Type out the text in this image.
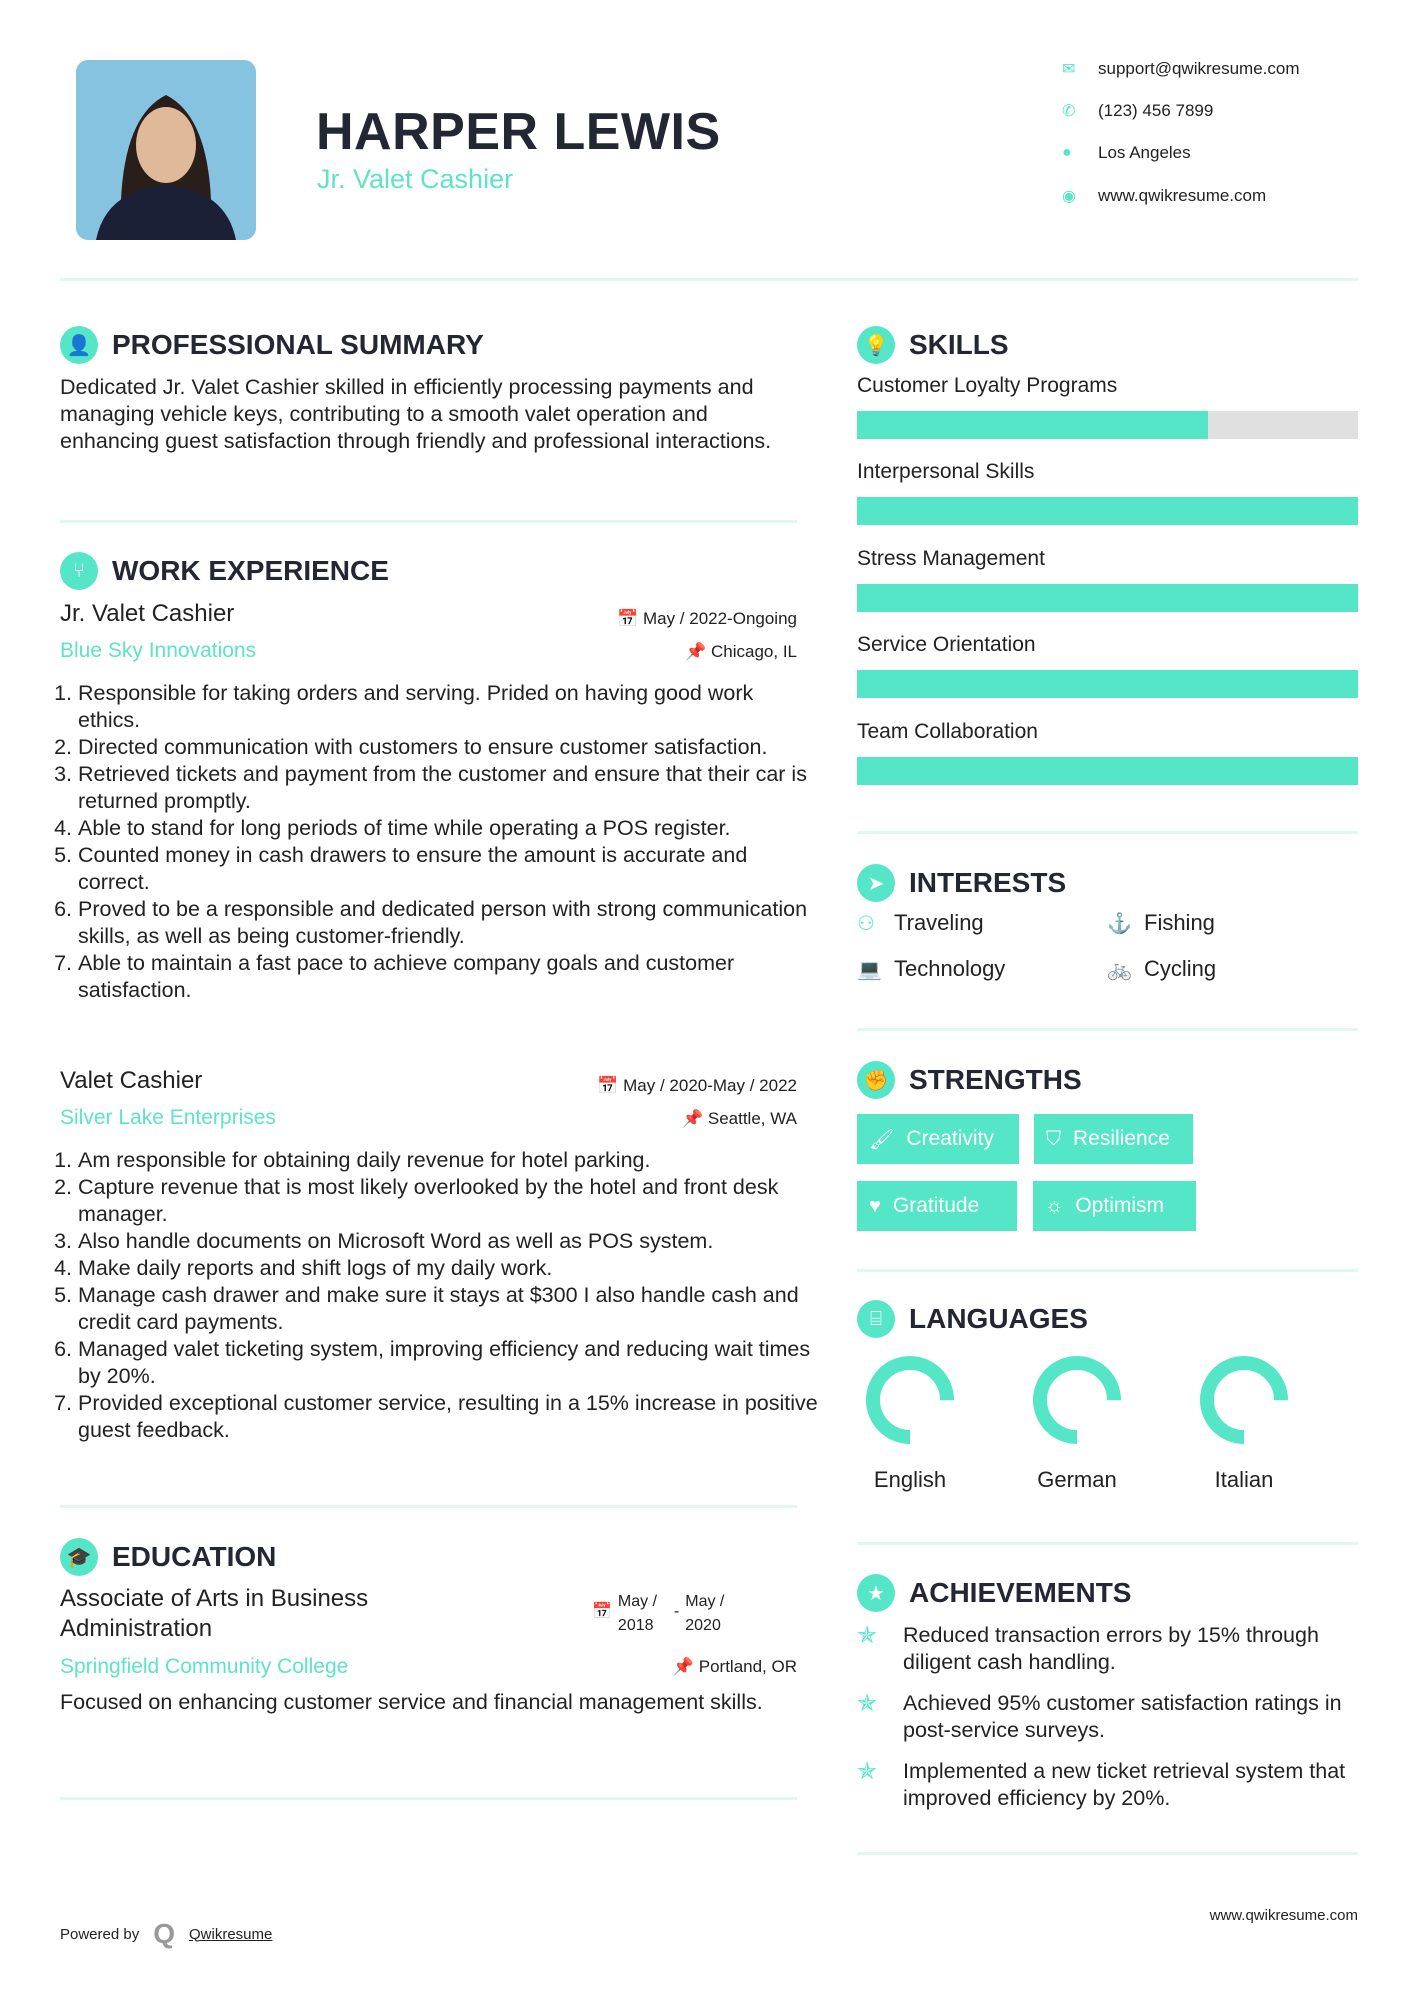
HARPER LEWIS
Jr. Valet Cashier
✉	support@qwikresume.com
✆	(123) 456 7899
●	Los Angeles
◉	www.qwikresume.com
👤 PROFESSIONAL SUMMARY
Dedicated Jr. Valet Cashier skilled in efficiently processing payments and managing vehicle keys, contributing to a smooth valet operation and enhancing guest satisfaction through friendly and professional interactions.
⑂ WORK EXPERIENCE
Jr. Valet Cashier	📅 May / 2022-Ongoing
Blue Sky Innovations	📌 Chicago, IL
1. Responsible for taking orders and serving. Prided on having good work ethics.
2. Directed communication with customers to ensure customer satisfaction.
3. Retrieved tickets and payment from the customer and ensure that their car is returned promptly.
4. Able to stand for long periods of time while operating a POS register.
5. Counted money in cash drawers to ensure the amount is accurate and correct.
6. Proved to be a responsible and dedicated person with strong communication skills, as well as being customer-friendly.
7. Able to maintain a fast pace to achieve company goals and customer satisfaction.
Valet Cashier	📅 May / 2020-May / 2022
Silver Lake Enterprises	📌 Seattle, WA
1. Am responsible for obtaining daily revenue for hotel parking.
2. Capture revenue that is most likely overlooked by the hotel and front desk manager.
3. Also handle documents on Microsoft Word as well as POS system.
4. Make daily reports and shift logs of my daily work.
5. Manage cash drawer and make sure it stays at $300 I also handle cash and credit card payments.
6. Managed valet ticketing system, improving efficiency and reducing wait times by 20%.
7. Provided exceptional customer service, resulting in a 15% increase in positive guest feedback.
🎓 EDUCATION
Associate of Arts in Business Administration
📅
May / 2018
-
May / 2020
Springfield Community College	📌 Portland, OR
Focused on enhancing customer service and financial management skills.
💡 SKILLS
Customer Loyalty Programs
Interpersonal Skills
Stress Management
Service Orientation
Team Collaboration
➤ INTERESTS
⚇ Traveling	⚓ Fishing
💻 Technology	🚲 Cycling
✊ STRENGTHS
🖌 Creativity	⛉ Resilience
♥ Gratitude	☼ Optimism
⌸ LANGUAGES
English	German	Italian
★ ACHIEVEMENTS
✯	Reduced transaction errors by 15% through diligent cash handling.
✯	Achieved 95% customer satisfaction ratings in post-service surveys.
✯	Implemented a new ticket retrieval system that improved efficiency by 20%.
Powered by Q Qwikresume
www.qwikresume.com
